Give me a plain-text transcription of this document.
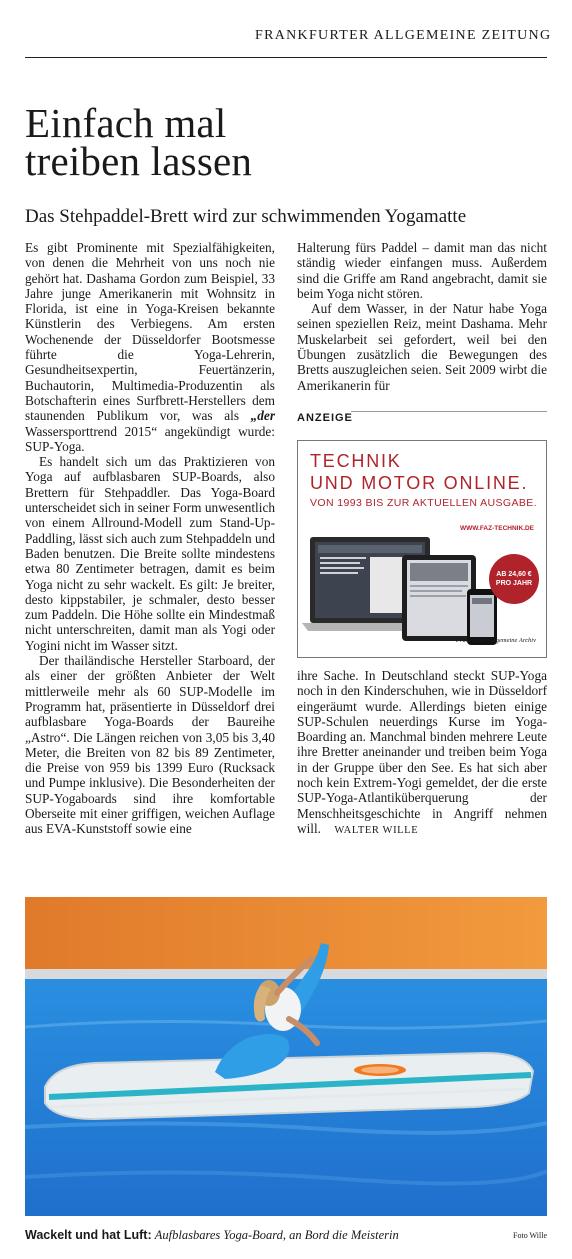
FRANKFURTER ALLGEMEINE ZEITUNG
Einfach mal
treiben lassen
Das Stehpaddel-Brett wird zur schwimmenden Yogamatte

Es gibt Prominente mit Spezialfähigkeiten, von denen die Mehrheit von uns noch nie gehört hat. Dashama Gordon zum Beispiel, 33 Jahre junge Amerikanerin mit Wohnsitz in Florida, ist eine in Yoga-Kreisen bekannte Künstlerin des Verbiegens. Am ersten Wochenende der Düsseldorfer Bootsmesse führte die Yoga-Lehrerin, Gesundheitsexpertin, Feuertänzerin, Buchautorin, Multimedia-Produzentin als Botschafterin eines Surfbrett-Herstellers dem staunenden Publikum vor, was als „der Wassersporttrend 2015“ angekündigt wurde: SUP-Yoga.

Es handelt sich um das Praktizieren von Yoga auf aufblasbaren SUP-Boards, also Brettern für Stehpaddler. Das Yoga-Board unterscheidet sich in seiner Form unwesentlich von einem Allround-Modell zum Stand-Up-Paddling, lässt sich auch zum Stehpaddeln und Baden benutzen. Die Breite sollte mindestens etwa 80 Zentimeter betragen, damit es beim Yoga nicht zu sehr wackelt. Es gilt: Je breiter, desto kippstabiler, je schmaler, desto besser zum Paddeln. Die Höhe sollte ein Mindestmaß nicht unterschreiten, damit man als Yogi oder Yogini nicht im Wasser sitzt.

Der thailändische Hersteller Starboard, der als einer der größten Anbieter der Welt mittlerweile mehr als 60 SUP-Modelle im Programm hat, präsentierte in Düsseldorf drei aufblasbare Yoga-Boards der Baureihe „Astro“. Die Längen reichen von 3,05 bis 3,40 Meter, die Breiten von 82 bis 89 Zentimeter, die Preise von 959 bis 1399 Euro (Rucksack und Pumpe inklusive). Die Besonderheiten der SUP-Yogaboards sind ihre komfortable Oberseite mit einer griffigen, weichen Auflage aus EVA-Kunststoff sowie eine

Halterung fürs Paddel – damit man das nicht ständig wieder einfangen muss. Außerdem sind die Griffe am Rand angebracht, damit sie beim Yoga nicht stören.

Auf dem Wasser, in der Natur habe Yoga seinen speziellen Reiz, meint Dashama. Mehr Muskelarbeit sei gefordert, weil bei den Übungen zusätzlich die Bewegungen des Bretts auszugleichen seien. Seit 2009 wirbt die Amerikanerin für

ANZEIGE
TECHNIK
UND MOTOR ONLINE.
VON 1993 BIS ZUR AKTUELLEN AUSGABE.
WWW.FAZ-TECHNIK.DE
AB 24,60 €
PRO JAHR
Frankfurter Allgemeine Archiv

ihre Sache. In Deutschland steckt SUP-Yoga noch in den Kinderschuhen, wie in Düsseldorf eingeräumt wurde. Allerdings bieten einige SUP-Schulen neuerdings Kurse im Yoga-Boarding an. Manchmal binden mehrere Leute ihre Bretter aneinander und treiben beim Yoga in der Gruppe über den See. Es hat sich aber noch kein Extrem-Yogi gemeldet, der die erste SUP-Yoga-Atlantiküberquerung der Menschheitsgeschichte in Angriff nehmen will. WALTER WILLE

Wackelt und hat Luft: Aufblasbares Yoga-Board, an Bord die Meisterin	Foto Wille
